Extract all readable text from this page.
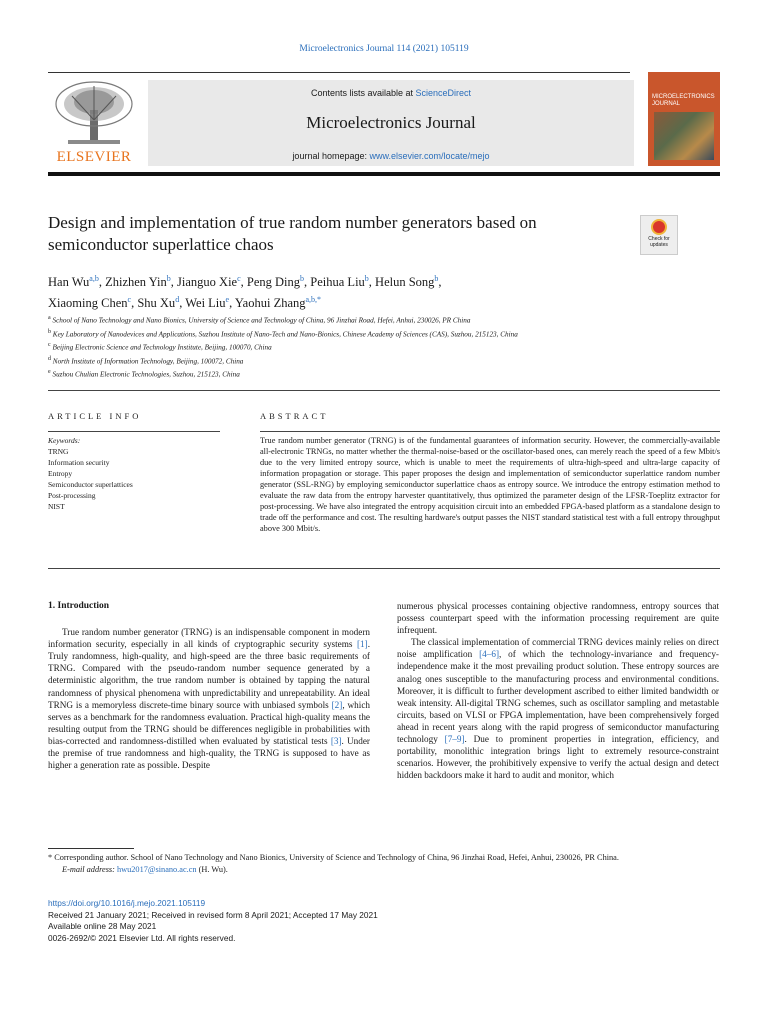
Microelectronics Journal 114 (2021) 105119
ELSEVIER
Contents lists available at ScienceDirect
Microelectronics Journal
journal homepage: www.elsevier.com/locate/mejo
MICROELECTRONICS
JOURNAL
Design and implementation of true random number generators based on semiconductor superlattice chaos	Check for
updates
Han Wu$^{a,b}$, Zhizhen Yin$^b$, Jianguo Xie$^c$, Peng Ding$^b$, Peihua Liu$^b$, Helun Song$^b$,
Xiaoming Chen$^c$, Shu Xu$^d$, Wei Liu$^e$, Yaohui Zhang$^{a,b,*}$
$^a$ School of Nano Technology and Nano Bionics, University of Science and Technology of China, 96 Jinzhai Road, Hefei, Anhui, 230026, PR China
$^b$ Key Laboratory of Nanodevices and Applications, Suzhou Institute of Nano-Tech and Nano-Bionics, Chinese Academy of Sciences (CAS), Suzhou, 215123, China
$^c$ Beijing Electronic Science and Technology Institute, Beijing, 100070, China
$^d$ North Institute of Information Technology, Beijing, 100072, China
$^e$ Suzhou Chulian Electronic Technologies, Suzhou, 215123, China
ARTICLE INFO	ABSTRACT
Keywords:
TRNG
Information security
Entropy
Semiconductor superlattices
Post-processing
NIST
True random number generator (TRNG) is of the fundamental guarantees of information security. However, the commercially-available all-electronic TRNGs, no matter whether the thermal-noise-based or the oscillator-based ones, can merely reach the speed of a few Mbit/s due to the very limited entropy source, which is unable to meet the requirements of ultra-high-speed and ultra-large capacity of information propagation or storage. This paper proposes the design and implementation of semiconductor superlattice random number generator (SSL-RNG) by employing semiconductor superlattice chaos as entropy source. We introduce the entropy estimation method to evaluate the raw data from the entropy harvester quantitatively, thus optimized the parameter design of the LFSR-Toeplitz extractor for post-processing. We have also integrated the entropy acquisition circuit into an embedded FPGA-based platform as a standalone design to trade off the performance and cost. The resulting hardware's output passes the NIST standard statistical test with a full entropy throughput above 300 Mbit/s.

1. Introduction

True random number generator (TRNG) is an indispensable component in modern information security, especially in all kinds of cryptographic security systems [1]. Truly randomness, high-quality, and high-speed are the three basic requirements of TRNG. Compared with the pseudo-random number sequence generated by a deterministic algorithm, the true random number is obtained by tapping the natural randomness of physical phenomena with unpredictability and unrepeatability. An ideal TRNG is a memoryless discrete-time binary source with unbiased symbols [2], which serves as a benchmark for the randomness evaluation. Practical high-quality means the resulting output from the TRNG should be differences negligible in probabilities with bias-corrected and randomness-distilled when evaluated by statistical tests [3]. Under the premise of true randomness and high-quality, the TRNG is supposed to have as higher a generation rate as possible. Despite

numerous physical processes containing objective randomness, entropy sources that possess counterpart speed with the information processing requirement are quite infrequent.

The classical implementation of commercial TRNG devices mainly relies on direct noise amplification [4–6], of which the technology-invariance and frequency-independence make it the most prevailing product solution. These entropy sources are analog ones susceptible to the manufacturing process and environmental conditions. Moreover, it is difficult to further development ascribed to either limited bandwidth or weak intensity. All-digital TRNG schemes, such as oscillator sampling and metastable circuits, based on VLSI or FPGA implementation, have been comprehensively forged ahead in recent years along with the rapid progress of semiconductor manufacturing technology [7–9]. Due to prominent properties in integration, efficiency, and portability, monolithic integration brings light to extremely resource-constraint scenarios. However, the prohibitively expensive to verify the actual design and detect hidden backdoors make it hard to audit and monitor, which

* Corresponding author. School of Nano Technology and Nano Bionics, University of Science and Technology of China, 96 Jinzhai Road, Hefei, Anhui, 230026, PR China.

E-mail address: hwu2017@sinano.ac.cn (H. Wu).

https://doi.org/10.1016/j.mejo.2021.105119
Received 21 January 2021; Received in revised form 8 April 2021; Accepted 17 May 2021
Available online 28 May 2021
0026-2692/© 2021 Elsevier Ltd. All rights reserved.
